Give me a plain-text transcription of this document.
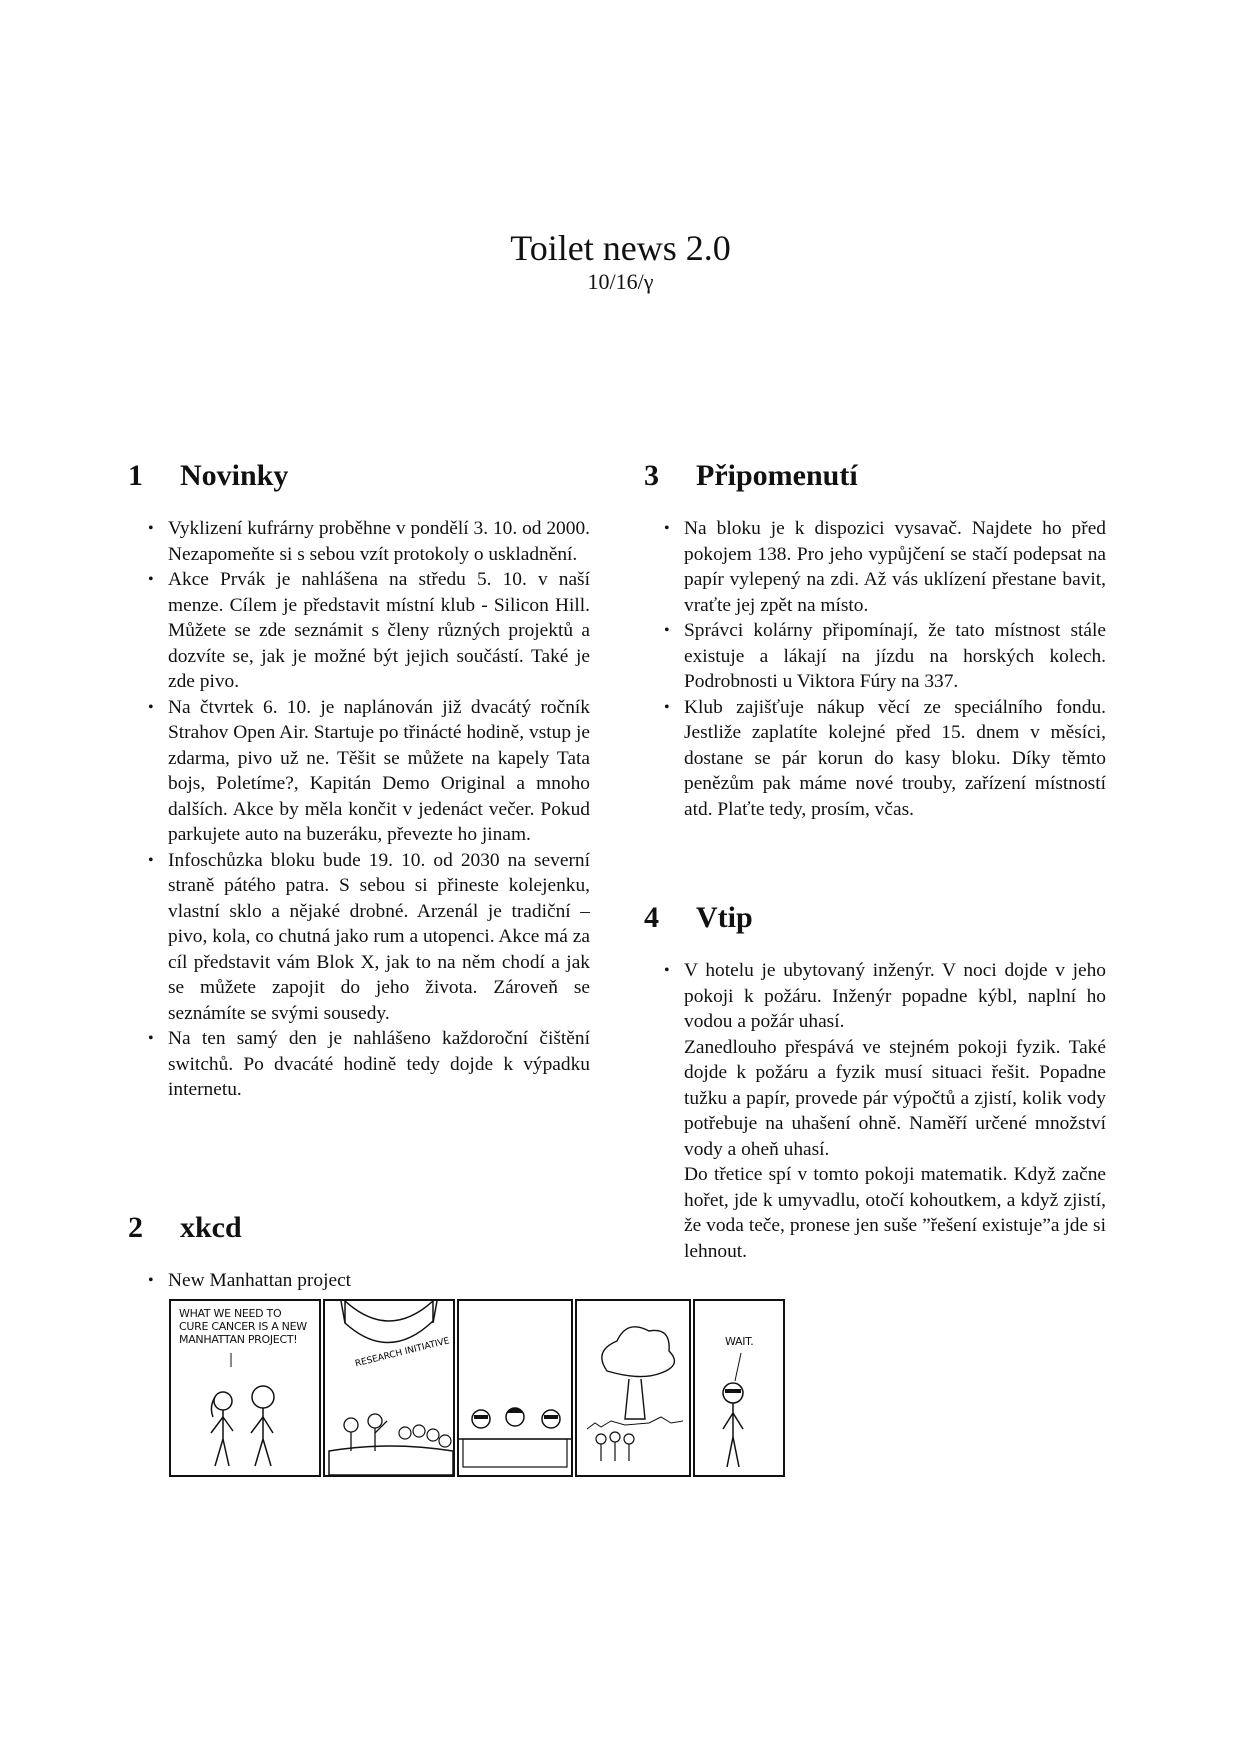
Toilet news 2.0
10/16/γ
1	Novinky
• Vyklizení kufrárny proběhne v pondělí 3. 10. od 2000. Nezapomeňte si s sebou vzít protokoly o uskladnění.
• Akce Prvák je nahlášena na středu 5. 10. v naší menze. Cílem je představit místní klub - Silicon Hill. Můžete se zde seznámit s členy různých projektů a dozvíte se, jak je možné být jejich součástí. Také je zde pivo.
• Na čtvrtek 6. 10. je naplánován již dvacátý ročník Strahov Open Air. Startuje po třinácté hodině, vstup je zdarma, pivo už ne. Těšit se můžete na kapely Tata bojs, Poletíme?, Kapitán Demo Original a mnoho dalších. Akce by měla končit v jedenáct večer. Pokud parkujete auto na buzeráku, převezte ho jinam.
• Infoschůzka bloku bude 19. 10. od 2030 na severní straně pátého patra. S sebou si přineste kolejenku, vlastní sklo a nějaké drobné. Arzenál je tradiční – pivo, kola, co chutná jako rum a utopenci. Akce má za cíl představit vám Blok X, jak to na něm chodí a jak se můžete zapojit do jeho života. Zároveň se seznámíte se svými sousedy.
• Na ten samý den je nahlášeno každoroční čištění switchů. Po dvacáté hodině tedy dojde k výpadku internetu.
2	xkcd
• New Manhattan project
3	Připomenutí
• Na bloku je k dispozici vysavač. Najdete ho před pokojem 138. Pro jeho vypůjčení se stačí podepsat na papír vylepený na zdi. Až vás uklízení přestane bavit, vraťte jej zpět na místo.
• Správci kolárny připomínají, že tato místnost stále existuje a lákají na jízdu na horských kolech. Podrobnosti u Viktora Fúry na 337.
• Klub zajišťuje nákup věcí ze speciálního fondu. Jestliže zaplatíte kolejné před 15. dnem v měsíci, dostane se pár korun do kasy bloku. Díky těmto penězům pak máme nové trouby, zařízení místností atd. Plaťte tedy, prosím, včas.
4	Vtip
• V hotelu je ubytovaný inženýr. V noci dojde v jeho pokoji k požáru. Inženýr popadne kýbl, naplní ho vodou a požár uhasí.
Zanedlouho přespává ve stejném pokoji fyzik. Také dojde k požáru a fyzik musí situaci řešit. Popadne tužku a papír, provede pár výpočtů a zjistí, kolik vody potřebuje na uhašení ohně. Naměří určené množství vody a oheň uhasí.
Do třetice spí v tomto pokoji matematik. Když začne hořet, jde k umyvadlu, otočí kohoutkem, a když zjistí, že voda teče, pronese jen suše ”řešení existuje”a jde si lehnout.
WHAT WE NEED TO CURE CANCER IS A NEW MANHATTAN PROJECT!	RESEARCH INITIATIVE	WAIT.
